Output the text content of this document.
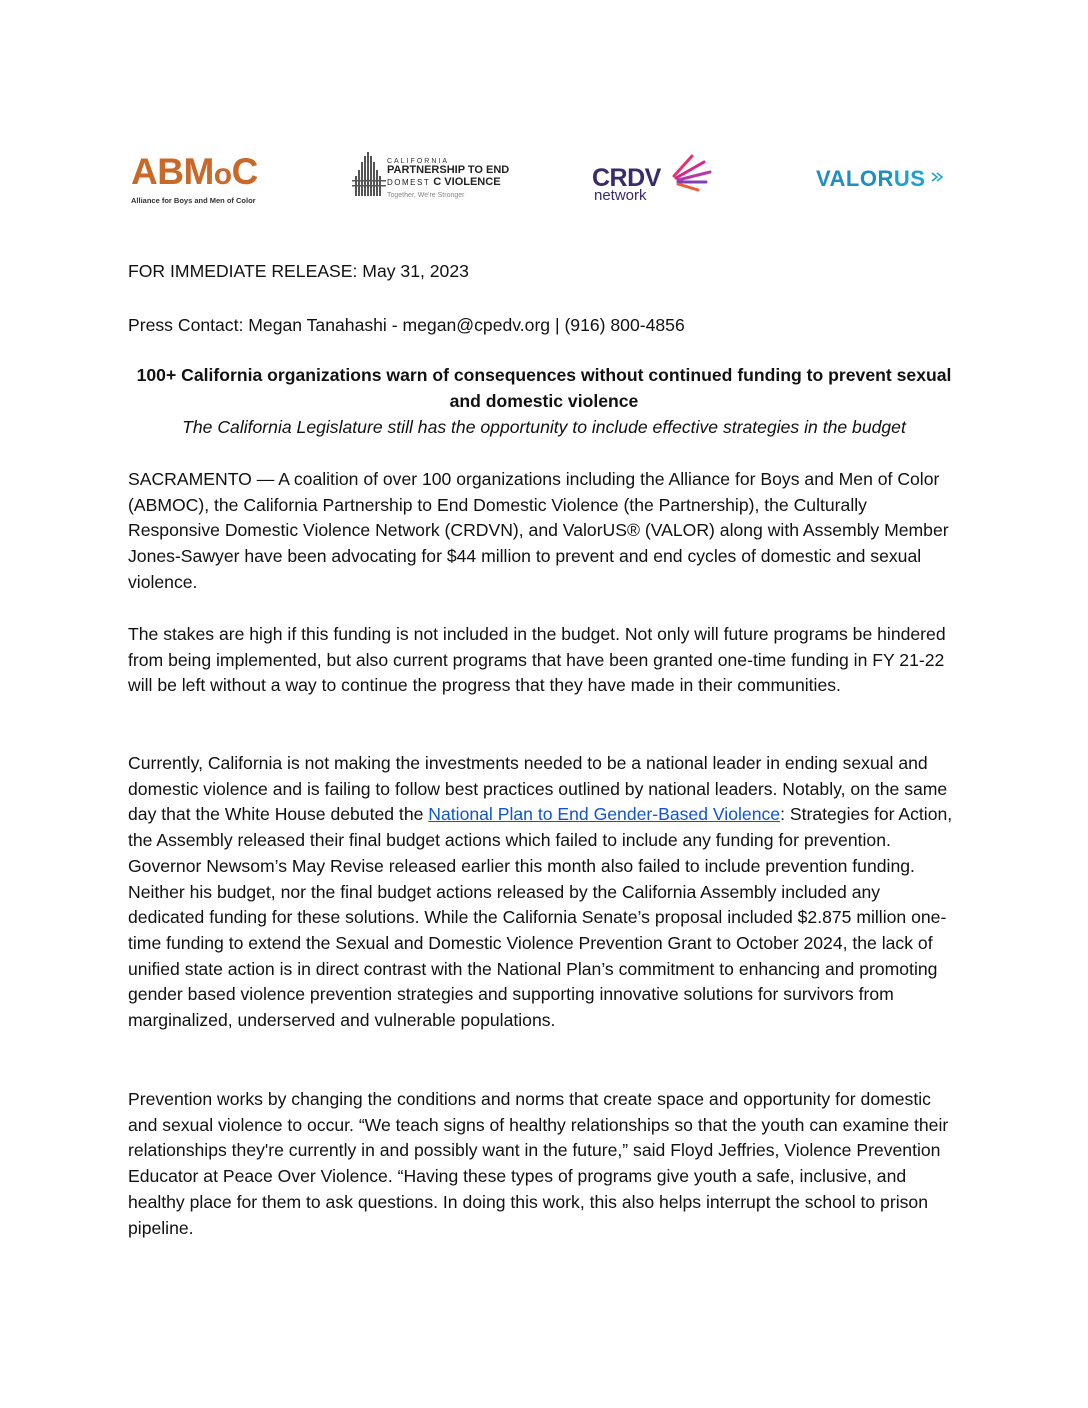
ABMoC
Alliance for Boys and Men of Color
CALIFORNIA
PARTNERSHIP TO END
DOMEST C VIOLENCE
Together, We're Stronger
CRDV
network
VALORUS
FOR IMMEDIATE RELEASE: May 31, 2023
Press Contact: Megan Tanahashi - megan@cpedv.org | (916) 800-4856
100+ California organizations warn of consequences without continued funding to prevent sexual and domestic violence
The California Legislature still has the opportunity to include effective strategies in the budget
SACRAMENTO — A coalition of over 100 organizations including the Alliance for Boys and Men of Color (ABMOC), the California Partnership to End Domestic Violence (the Partnership), the Culturally Responsive Domestic Violence Network (CRDVN), and ValorUS® (VALOR) along with Assembly Member Jones-Sawyer have been advocating for $44 million to prevent and end cycles of domestic and sexual violence.
The stakes are high if this funding is not included in the budget. Not only will future programs be hindered from being implemented, but also current programs that have been granted one-time funding in FY 21-22 will be left without a way to continue the progress that they have made in their communities.
Currently, California is not making the investments needed to be a national leader in ending sexual and domestic violence and is failing to follow best practices outlined by national leaders. Notably, on the same day that the White House debuted the National Plan to End Gender-Based Violence: Strategies for Action, the Assembly released their final budget actions which failed to include any funding for prevention. Governor Newsom’s May Revise released earlier this month also failed to include prevention funding. Neither his budget, nor the final budget actions released by the California Assembly included any dedicated funding for these solutions. While the California Senate’s proposal included $2.875 million one-time funding to extend the Sexual and Domestic Violence Prevention Grant to October 2024, the lack of unified state action is in direct contrast with the National Plan’s commitment to enhancing and promoting gender based violence prevention strategies and supporting innovative solutions for survivors from marginalized, underserved and vulnerable populations.
Prevention works by changing the conditions and norms that create space and opportunity for domestic and sexual violence to occur. “We teach signs of healthy relationships so that the youth can examine their relationships they're currently in and possibly want in the future,” said Floyd Jeffries, Violence Prevention Educator at Peace Over Violence. “Having these types of programs give youth a safe, inclusive, and healthy place for them to ask questions. In doing this work, this also helps interrupt the school to prison pipeline.
